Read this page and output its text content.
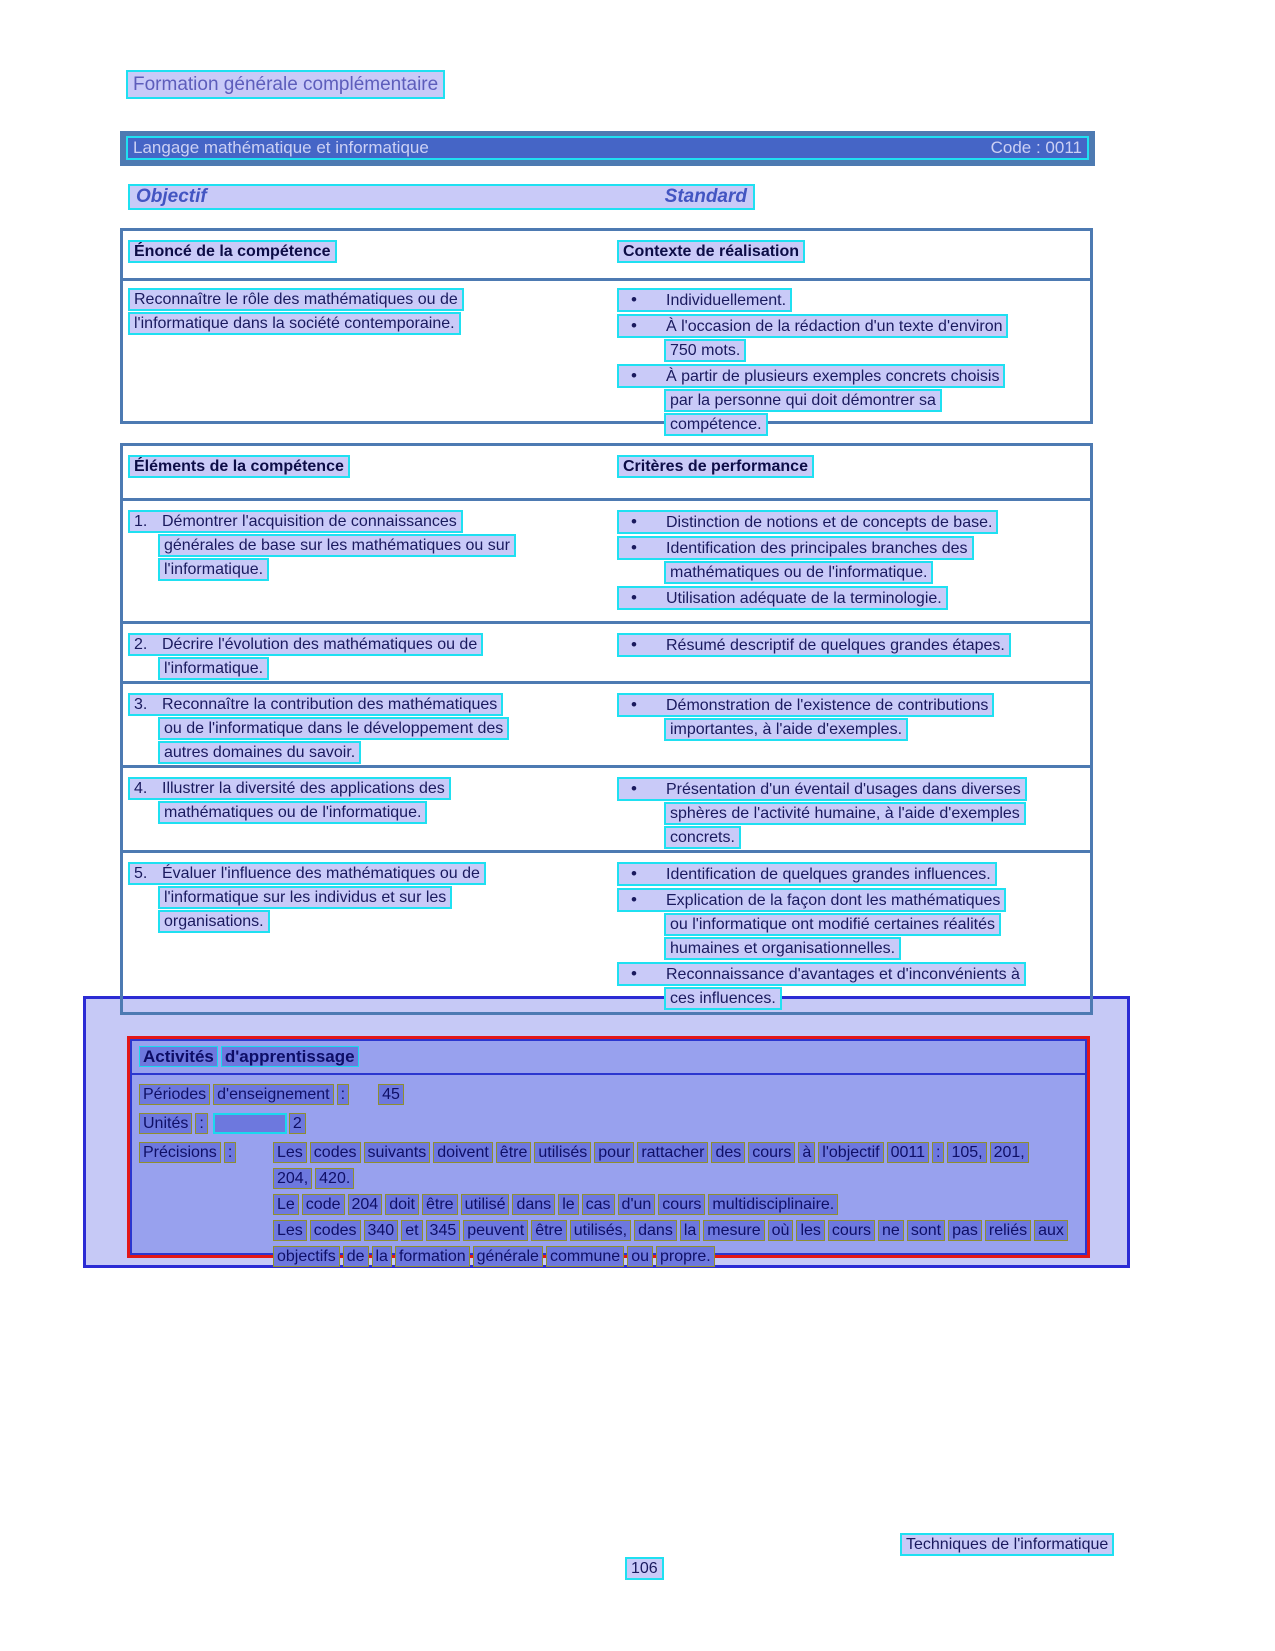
Formation générale complémentaire
Langage mathématique et informatique	Code : 0011
Objectif	Standard
Énoncé de la compétence	Contexte de réalisation
Reconnaître le rôle des mathématiques ou de
l'informatique dans la société contemporaine.
•Individuellement.
•À l'occasion de la rédaction d'un texte d'environ
750 mots.
•À partir de plusieurs exemples concrets choisis
par la personne qui doit démontrer sa
compétence.
Éléments de la compétence	Critères de performance
1. Démontrer l'acquisition de connaissances
générales de base sur les mathématiques ou sur
l'informatique.
•Distinction de notions et de concepts de base.
•Identification des principales branches des
mathématiques ou de l'informatique.
•Utilisation adéquate de la terminologie.
2. Décrire l'évolution des mathématiques ou de
l'informatique.
•Résumé descriptif de quelques grandes étapes.
3. Reconnaître la contribution des mathématiques
ou de l'informatique dans le développement des
autres domaines du savoir.
•Démonstration de l'existence de contributions
importantes, à l'aide d'exemples.
4. Illustrer la diversité des applications des
mathématiques ou de l'informatique.
•Présentation d'un éventail d'usages dans diverses
sphères de l'activité humaine, à l'aide d'exemples
concrets.
5. Évaluer l'influence des mathématiques ou de
l'informatique sur les individus et sur les
organisations.
•Identification de quelques grandes influences.
•Explication de la façon dont les mathématiques
ou l'informatique ont modifié certaines réalités
humaines et organisationnelles.
•Reconnaissance d'avantages et d'inconvénients à
ces influences.
Activités d'apprentissage
Périodes d'enseignement : 45
Unités :	2
Précisions :	Les codes suivants doivent être utilisés pour rattacher des cours à l'objectif 0011 : 105, 201,
204, 420.
Le code 204 doit être utilisé dans le cas d'un cours multidisciplinaire.
Les codes 340 et 345 peuvent être utilisés, dans la mesure où les cours ne sont pas reliés aux
objectifs de la formation générale commune ou propre.
Techniques de l'informatique
106
